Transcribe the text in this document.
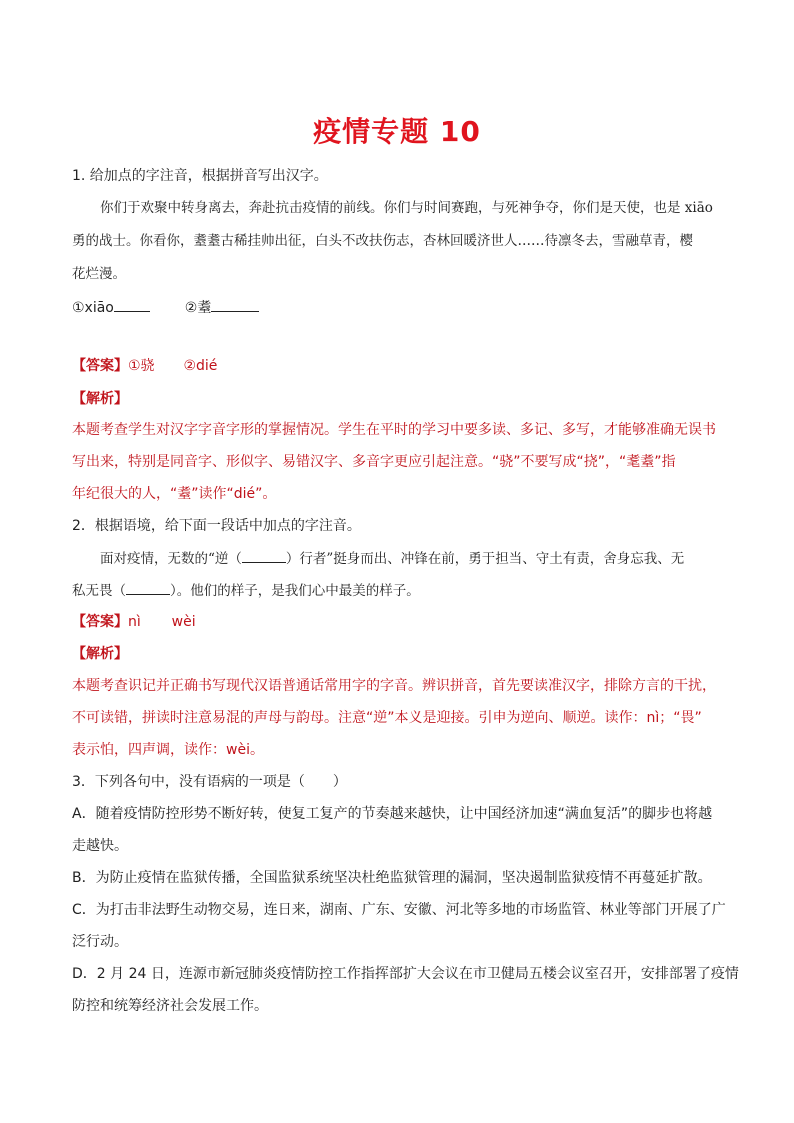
疫情专题 10
1. 给加点的字注音，根据拼音写出汉字。
你们于欢聚中转身离去，奔赴抗击疫情的前线。你们与时间赛跑，与死神争夺，你们是天使，也是 xiāo
勇的战士。你看你，耋耋古稀挂帅出征，白头不改扶伤志，杏林回暖济世人……待凛冬去，雪融草青，樱
花烂漫。
①xiāo	②耋
【答案】①骁 ②dié
【解析】
本题考查学生对汉字字音字形的掌握情况。学生在平时的学习中要多读、多记、多写，才能够准确无误书
写出来，特别是同音字、形似字、易错汉字、多音字更应引起注意。“骁”不要写成“挠”，“耄耋”指
年纪很大的人，“耋”读作“dié”。
2．根据语境，给下面一段话中加点的字注音。
面对疫情，无数的“逆（	）行者”挺身而出、冲锋在前，勇于担当、守土有责，舍身忘我、无
私无畏（	）。他们的样子，是我们心中最美的样子。
【答案】nì wèi
【解析】
本题考查识记并正确书写现代汉语普通话常用字的字音。辨识拼音，首先要读准汉字，排除方言的干扰，
不可读错，拼读时注意易混的声母与韵母。注意“逆”本义是迎接。引申为逆向、顺逆。读作：nì；“畏”
表示怕，四声调，读作：wèi。
3．下列各句中，没有语病的一项是（　　）
A．随着疫情防控形势不断好转，使复工复产的节奏越来越快，让中国经济加速“满血复活”的脚步也将越
走越快。
B．为防止疫情在监狱传播，全国监狱系统坚决杜绝监狱管理的漏洞，坚决遏制监狱疫情不再蔓延扩散。
C．为打击非法野生动物交易，连日来，湖南、广东、安徽、河北等多地的市场监管、林业等部门开展了广
泛行动。
D．2 月 24 日，连源市新冠肺炎疫情防控工作指挥部扩大会议在市卫健局五楼会议室召开，安排部署了疫情
防控和统筹经济社会发展工作。
